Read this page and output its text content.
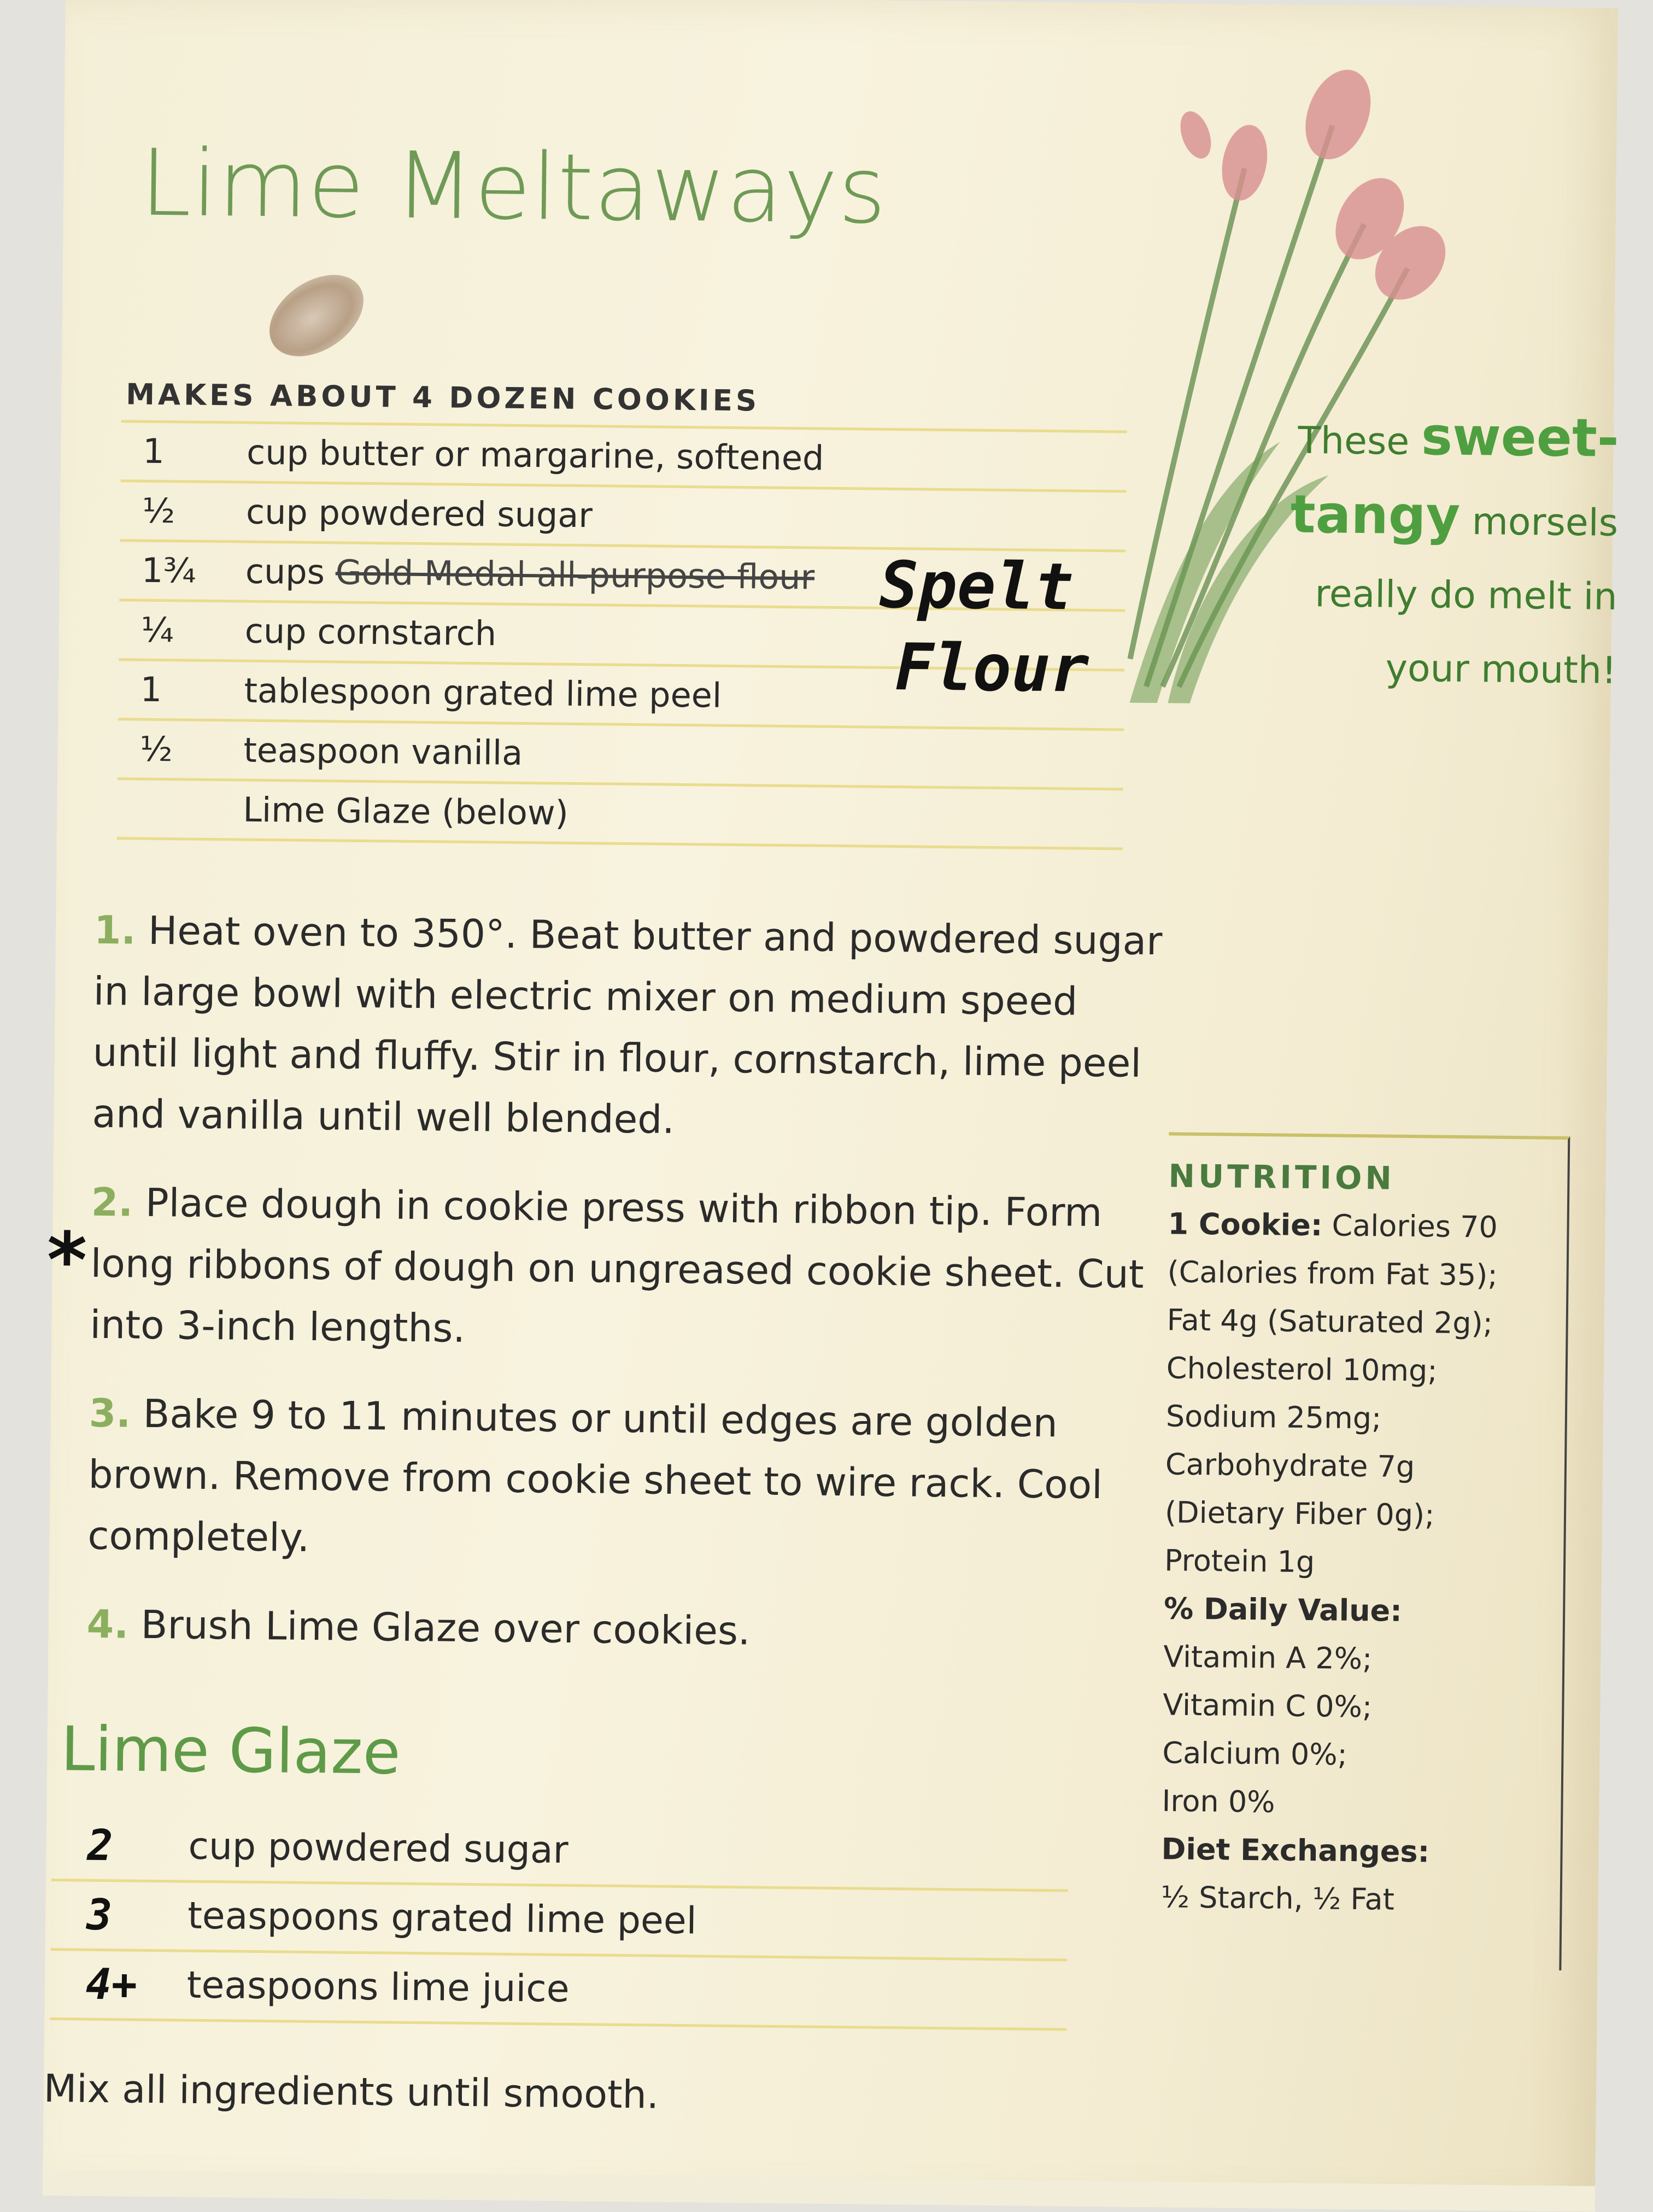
Lime Meltaways
MAKES ABOUT 4 DOZEN COOKIES
1	cup butter or margarine, softened
½	cup powdered sugar
1¾	cups Gold Medal all-purpose flour
¼	cup cornstarch
1	tablespoon grated lime peel
½	teaspoon vanilla
Lime Glaze (below)
Spelt
Flour
These sweet-
tangy morsels
really do melt in
your mouth!
1. Heat oven to 350°. Beat butter and powdered sugar in large bowl with electric mixer on medium speed until light and fluffy. Stir in flour, cornstarch, lime peel and vanilla until well blended.
2. Place dough in cookie press with ribbon tip. Form long ribbons of dough on ungreased cookie sheet. Cut into 3-inch lengths.
3. Bake 9 to 11 minutes or until edges are golden brown. Remove from cookie sheet to wire rack. Cool completely.
4. Brush Lime Glaze over cookies.
*
Lime Glaze
2 cup powdered sugar
3 teaspoons grated lime peel
4+ teaspoons lime juice
Mix all ingredients until smooth.
NUTRITION
1 Cookie: Calories 70
(Calories from Fat 35);
Fat 4g (Saturated 2g);
Cholesterol 10mg;
Sodium 25mg;
Carbohydrate 7g
(Dietary Fiber 0g);
Protein 1g
% Daily Value:
Vitamin A 2%;
Vitamin C 0%;
Calcium 0%;
Iron 0%
Diet Exchanges:
½ Starch, ½ Fat
